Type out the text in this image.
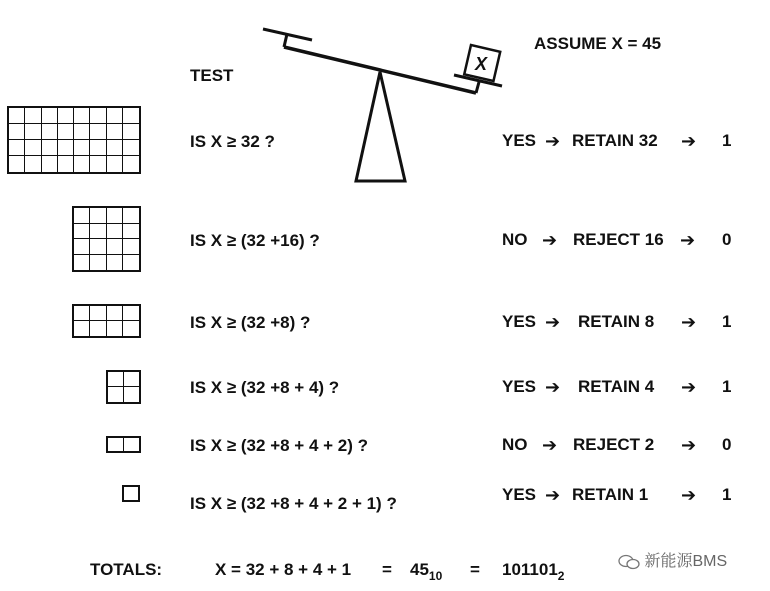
X
TEST
ASSUME X = 45
IS X ≥ 32 ?	YES ➔ RETAIN 32 ➔ 1
IS X ≥ (32 +16) ?	NO ➔ REJECT 16 ➔ 0
IS X ≥ (32 +8) ?	YES ➔ RETAIN 8 ➔ 1
IS X ≥ (32 +8 + 4) ?	YES ➔ RETAIN 4 ➔ 1
IS X ≥ (32 +8 + 4 + 2) ?	NO ➔ REJECT 2 ➔ 0
IS X ≥ (32 +8 + 4 + 2 + 1) ?	YES ➔ RETAIN 1 ➔ 1
TOTALS:	$X = 32 + 8 + 4 + 1 = 45_{10} = 101101_2$
新能源BMS
